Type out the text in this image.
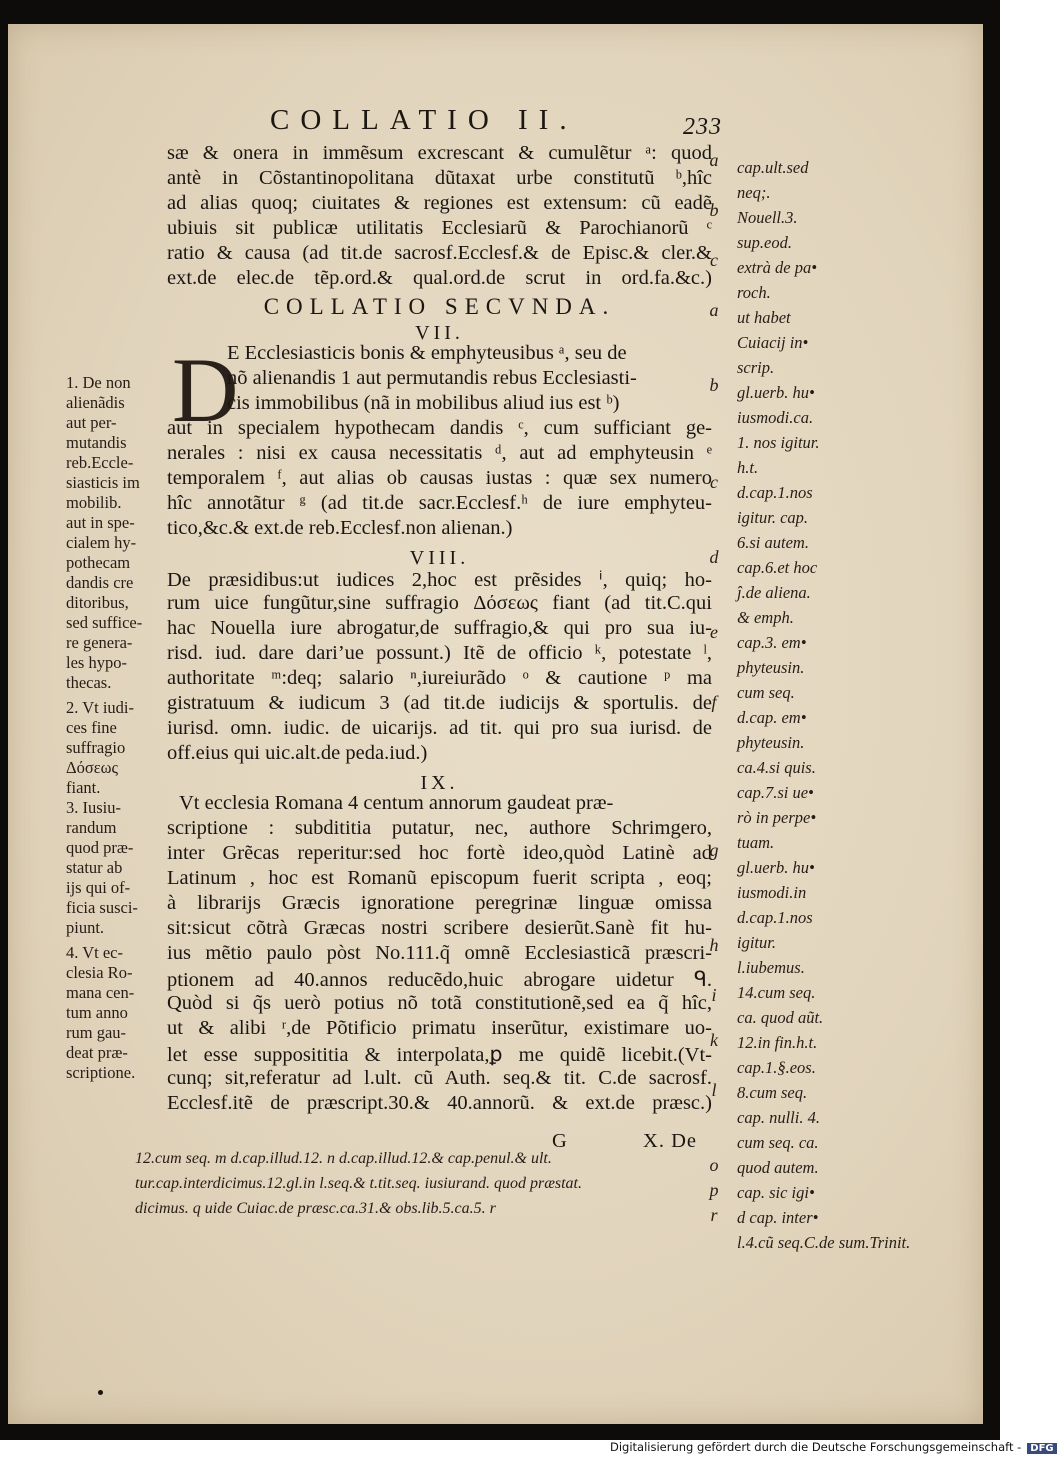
COLLATIO II.	233
D
sæ & onera in immẽsum excrescant & cumulẽtur ᵃ: quod
antè in Cõstantinopolitana dũtaxat urbe constitutũ ᵇ,hîc
ad alias quoq; ciuitates & regiones est extensum: cũ eadẽ
ubiuis sit publicæ utilitatis Ecclesiarũ & Parochianorũ ᶜ
ratio & causa (ad tit.de sacrosf.Ecclesf.& de Episc.& cler.&
ext.de elec.de tẽp.ord.& qual.ord.de scrut in ord.fa.&c.)
E Ecclesiasticis bonis & emphyteusibus ᵃ, seu de
nõ alienandis 1 aut permutandis rebus Ecclesiasti-
cis immobilibus (nã in mobilibus aliud ius est ᵇ)
aut in specialem hypothecam dandis ᶜ, cum sufficiant ge-
nerales : nisi ex causa necessitatis ᵈ, aut ad emphyteusin ᵉ
temporalem ᶠ, aut alias ob causas iustas : quæ sex numero
hîc annotãtur ᵍ (ad tit.de sacr.Ecclesf.ʰ de iure emphyteu-
tico,&c.& ext.de reb.Ecclesf.non alienan.)
De præsidibus:ut iudices 2,hoc est prẽsides ⁱ, quiq; ho-
rum uice fungũtur,sine suffragio Δόσεως fiant (ad tit.C.qui
hac Nouella iure abrogatur,de suffragio,& qui pro sua iu-
risd. iud. dare dari’ue possunt.) Itẽ de officio ᵏ, potestate ˡ,
authoritate ᵐ:deq; salario ⁿ,iureiurãdo ᵒ & cautione ᵖ ma
gistratuum & iudicum 3 (ad tit.de iudicijs & sportulis. de
iurisd. omn. iudic. de uicarijs. ad tit. qui pro sua iurisd. de
off.eius qui uic.alt.de peda.iud.)
Vt ecclesia Romana 4 centum annorum gaudeat præ-
scriptione : subdititia putatur, nec, authore Schrimgero,
inter Grẽcas reperitur:sed hoc fortè ideo,quòd Latinè ad
Latinum , hoc est Romanũ episcopum fuerit scripta , eoq;
à librarijs Græcis ignoratione peregrinæ linguæ omissa
sit:sicut cõtrà Græcas nostri scribere desierũt.Sanè fit hu-
ius mẽtio paulo pòst No.111.q̃ omnẽ Ecclesiasticã præscri-
ptionem ad 40.annos reducẽdo,huic abrogare uidetur ᑫ.
Quòd si q̃s uerò potius nõ totã constitutionẽ,sed ea q̃ hîc,
ut & alibi ʳ,de Põtificio primatu inserũtur, existimare uo-
let esse supposititia & interpolata,ꝑ me quidẽ licebit.(Vt-
cunq; sit,referatur ad l.ult. cũ Auth. seq.& tit. C.de sacrosf.
Ecclesf.itẽ de præscript.30.& 40.annorũ. & ext.de præsc.)
COLLATIO SECVNDA.
VII.
VIII.
IX.
1. De non
alienãdis
aut per-
mutandis
reb.Eccle-
siasticis im
mobilib.
aut in spe-
cialem hy-
pothecam
dandis cre
ditoribus,
sed suffice-
re genera-
les hypo-
thecas.
2. Vt iudi-
ces fine
suffragio
Δόσεως
fiant.
3. Iusiu-
randum
quod præ-
statur ab
ijs qui of-
ficia susci-
piunt.
4. Vt ec-
clesia Ro-
mana cen-
tum anno
rum gau-
deat præ-
scriptione.
a
b
c
a
b
c
d
e
f
g
h
i
k
l
o
p
r
cap.ult.sed
neq;.
Nouell.3.
sup.eod.
extrà de pa•
roch.
ut habet
Cuiacij in•
scrip.
gl.uerb. hu•
iusmodi.ca.
1. nos igitur.
h.t.
d.cap.1.nos
igitur. cap.
6.si autem.
cap.6.et hoc
ĵ.de aliena.
& emph.
cap.3. em•
phyteusin.
cum seq.
d.cap. em•
phyteusin.
ca.4.si quis.
cap.7.si ue•
rò in perpe•
tuam.
gl.uerb. hu•
iusmodi.in
d.cap.1.nos
igitur.
l.iubemus.
14.cum seq.
ca. quod aũt.
12.in fin.h.t.
cap.1.§.eos.
8.cum seq.
cap. nulli. 4.
cum seq. ca.
quod autem.
cap. sic igi•
d cap. inter•
l.4.cũ seq.C.de sum.Trinit.
12.cum seq. m d.cap.illud.12. n d.cap.illud.12.& cap.penul.& ult.
tur.cap.interdicimus.12.gl.in l.seq.& t.tit.seq. iusiurand. quod præstat.
dicimus. q uide Cuiac.de præsc.ca.31.& obs.lib.5.ca.5. r
G	X. De
Digitalisierung gefördert durch die Deutsche Forschungsgemeinschaft - DFG
